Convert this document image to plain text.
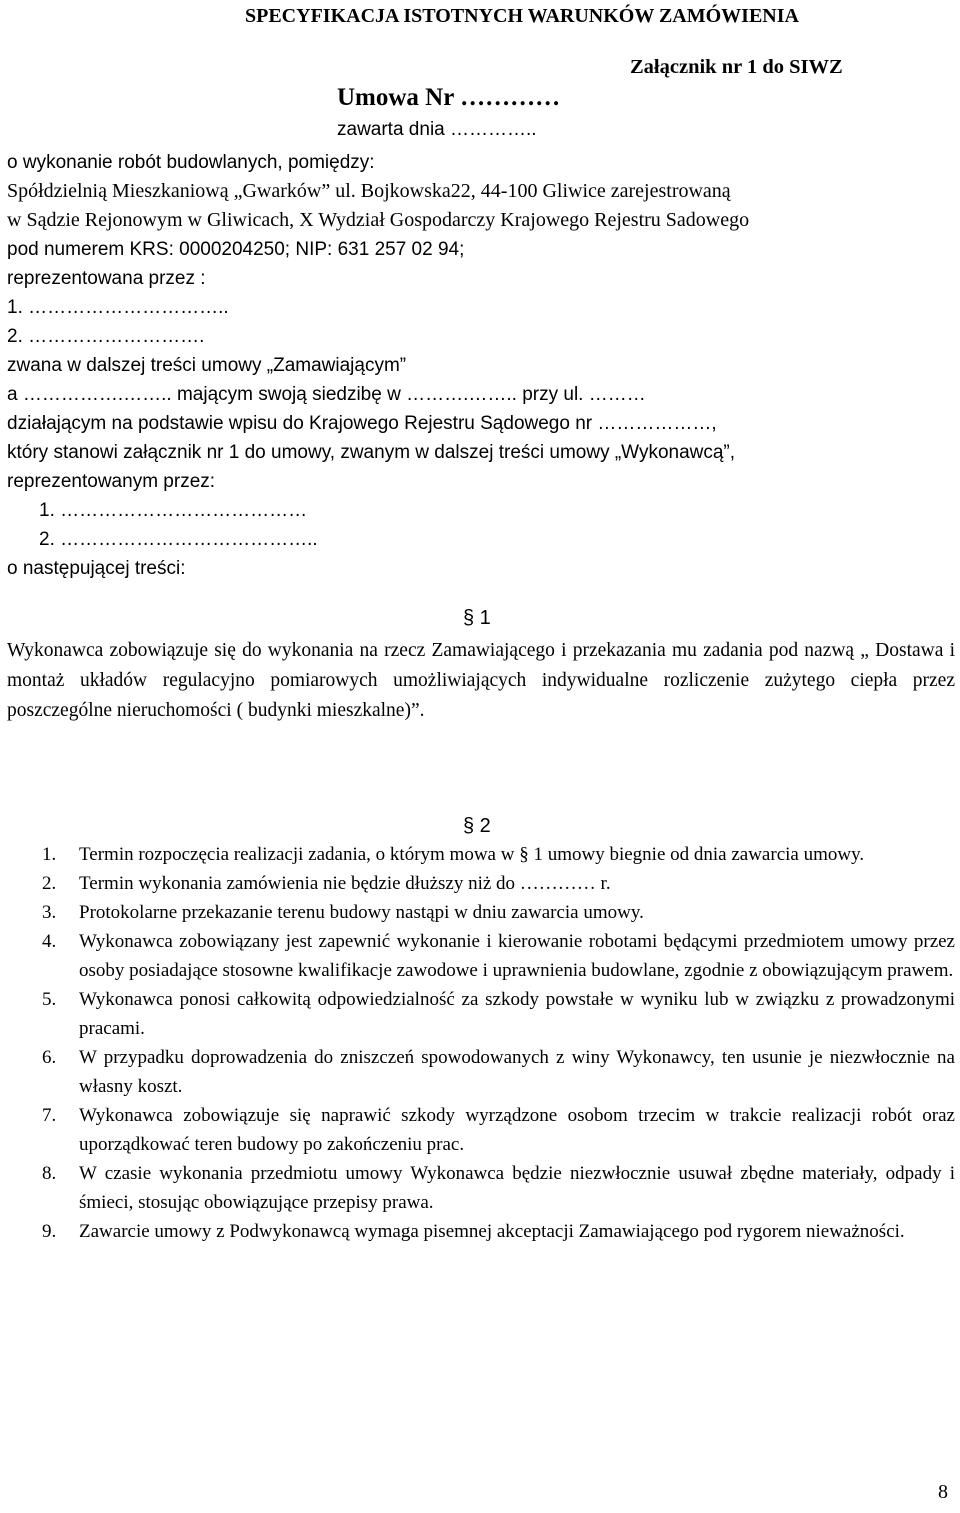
SPECYFIKACJA ISTOTNYCH WARUNKÓW ZAMÓWIENIA
Załącznik nr 1 do SIWZ
Umowa Nr …………
zawarta dnia …………..
o wykonanie robót budowlanych, pomiędzy:
Spółdzielnią Mieszkaniową „Gwarków” ul. Bojkowska22, 44-100 Gliwice zarejestrowaną
w Sądzie Rejonowym w Gliwicach, X Wydział Gospodarczy Krajowego Rejestru Sadowego
pod numerem KRS: 0000204250; NIP: 631 257 02 94;
reprezentowana przez :
1. …………………………..
2. ……………………….
zwana w dalszej treści umowy „Zamawiającym”
a …………….…….. mającym swoją siedzibę w ……….…….. przy ul. ………
działającym na podstawie wpisu do Krajowego Rejestru Sądowego nr ………………,
który stanowi załącznik nr 1 do umowy, zwanym w dalszej treści umowy „Wykonawcą”,
reprezentowanym przez:
1. …………………………………
2. …………………………………..
o następującej treści:
§ 1
Wykonawca zobowiązuje się do wykonania na rzecz Zamawiającego i przekazania mu zadania pod nazwą „ Dostawa i montaż układów regulacyjno pomiarowych umożliwiających indywidualne rozliczenie zużytego ciepła przez poszczególne nieruchomości ( budynki mieszkalne)”.
§ 2
1. Termin rozpoczęcia realizacji zadania, o którym mowa w § 1 umowy biegnie od dnia zawarcia umowy.
2. Termin wykonania zamówienia nie będzie dłuższy niż do ………… r.
3. Protokolarne przekazanie terenu budowy nastąpi w dniu zawarcia umowy.
4. Wykonawca zobowiązany jest zapewnić wykonanie i kierowanie robotami będącymi przedmiotem umowy przez osoby posiadające stosowne kwalifikacje zawodowe i uprawnienia budowlane, zgodnie z obowiązującym prawem.
5. Wykonawca ponosi całkowitą odpowiedzialność za szkody powstałe w wyniku lub w związku z prowadzonymi pracami.
6. W przypadku doprowadzenia do zniszczeń spowodowanych z winy Wykonawcy, ten usunie je niezwłocznie na własny koszt.
7. Wykonawca zobowiązuje się naprawić szkody wyrządzone osobom trzecim w trakcie realizacji robót oraz uporządkować teren budowy po zakończeniu prac.
8. W czasie wykonania przedmiotu umowy Wykonawca będzie niezwłocznie usuwał zbędne materiały, odpady i śmieci, stosując obowiązujące przepisy prawa.
9. Zawarcie umowy z Podwykonawcą wymaga pisemnej akceptacji Zamawiającego pod rygorem nieważności.
8
